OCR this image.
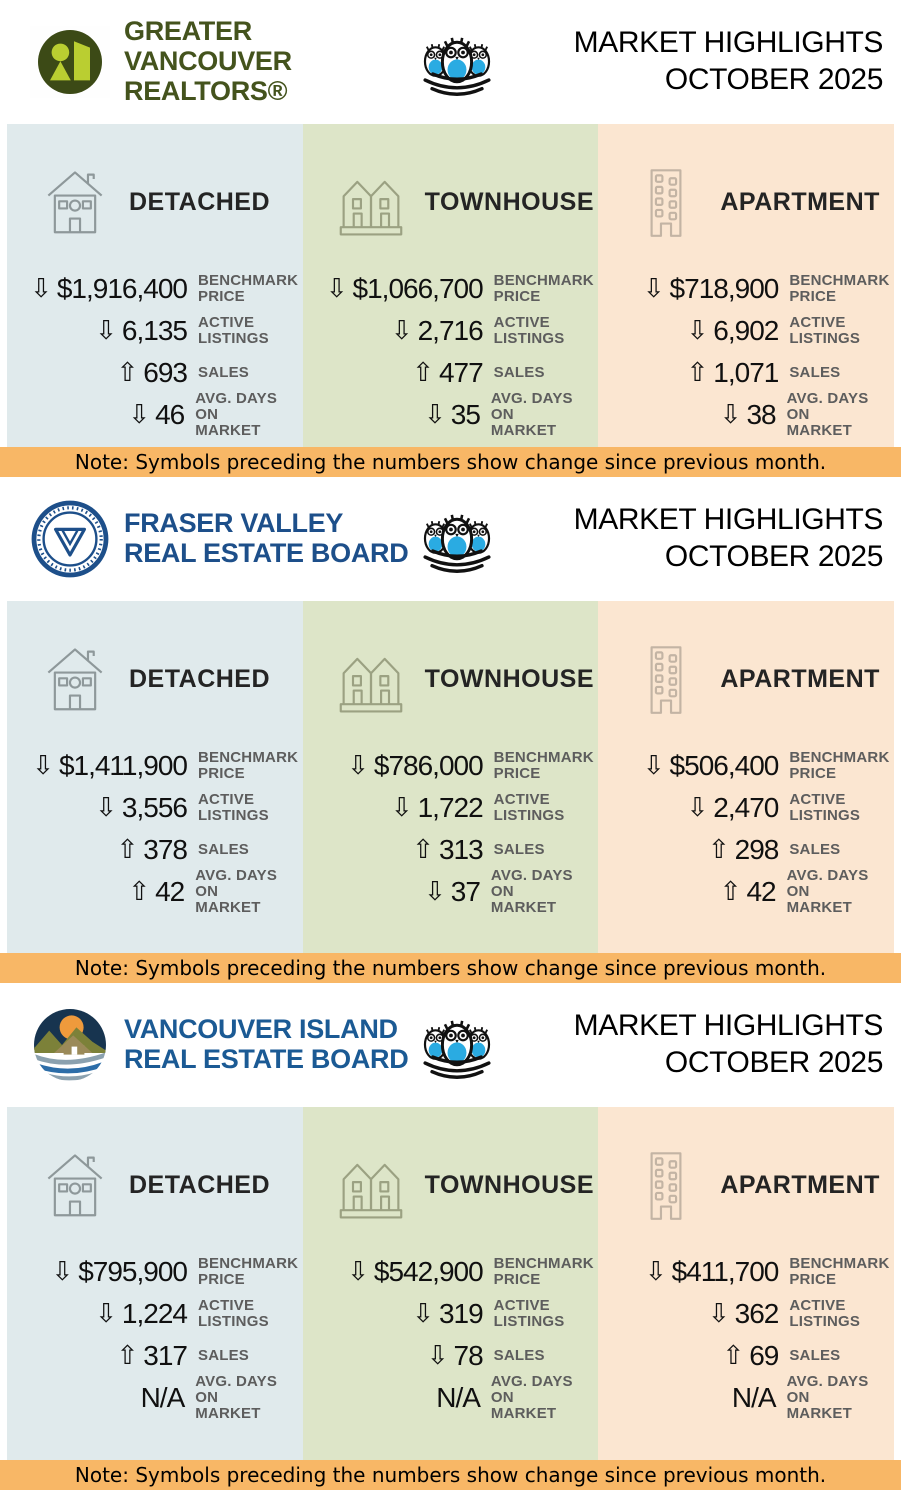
GREATER VANCOUVER
REALTORS®
MARKET HIGHLIGHTS
OCTOBER 2025
DETACHED
⇩ $1,916,400 BENCHMARK
PRICE
⇩ 6,135 ACTIVE
LISTINGS
⇧ 693 SALES
⇩ 46
AVG. DAYS ON
MARKET
TOWNHOUSE
⇩ $1,066,700 BENCHMARK
PRICE
⇩ 2,716 ACTIVE
LISTINGS
⇧ 477 SALES
⇩ 35
AVG. DAYS ON
MARKET
APARTMENT
⇩ $718,900 BENCHMARK
PRICE
⇩ 6,902 ACTIVE
LISTINGS
⇧ 1,071 SALES
⇩ 38
AVG. DAYS ON
MARKET
Note: Symbols preceding the numbers show change since previous month.
FRASER VALLEY
REAL ESTATE BOARD
MARKET HIGHLIGHTS
OCTOBER 2025
DETACHED
⇩ $1,411,900 BENCHMARK
PRICE
⇩ 3,556 ACTIVE
LISTINGS
⇧ 378 SALES
⇧ 42
AVG. DAYS ON
MARKET
TOWNHOUSE
⇩ $786,000 BENCHMARK
PRICE
⇩ 1,722 ACTIVE
LISTINGS
⇧ 313 SALES
⇩ 37
AVG. DAYS ON
MARKET
APARTMENT
⇩ $506,400 BENCHMARK
PRICE
⇩ 2,470 ACTIVE
LISTINGS
⇧ 298 SALES
⇧ 42
AVG. DAYS ON
MARKET
Note: Symbols preceding the numbers show change since previous month.
VANCOUVER ISLAND
REAL ESTATE BOARD
MARKET HIGHLIGHTS
OCTOBER 2025
DETACHED
⇩ $795,900 BENCHMARK
PRICE
⇩ 1,224 ACTIVE
LISTINGS
⇧ 317 SALES
N/A
AVG. DAYS ON
MARKET
TOWNHOUSE
⇩ $542,900 BENCHMARK
PRICE
⇩ 319 ACTIVE
LISTINGS
⇩ 78 SALES
N/A
AVG. DAYS ON
MARKET
APARTMENT
⇩ $411,700 BENCHMARK
PRICE
⇩ 362 ACTIVE
LISTINGS
⇧ 69 SALES
N/A
AVG. DAYS ON
MARKET
Note: Symbols preceding the numbers show change since previous month.
